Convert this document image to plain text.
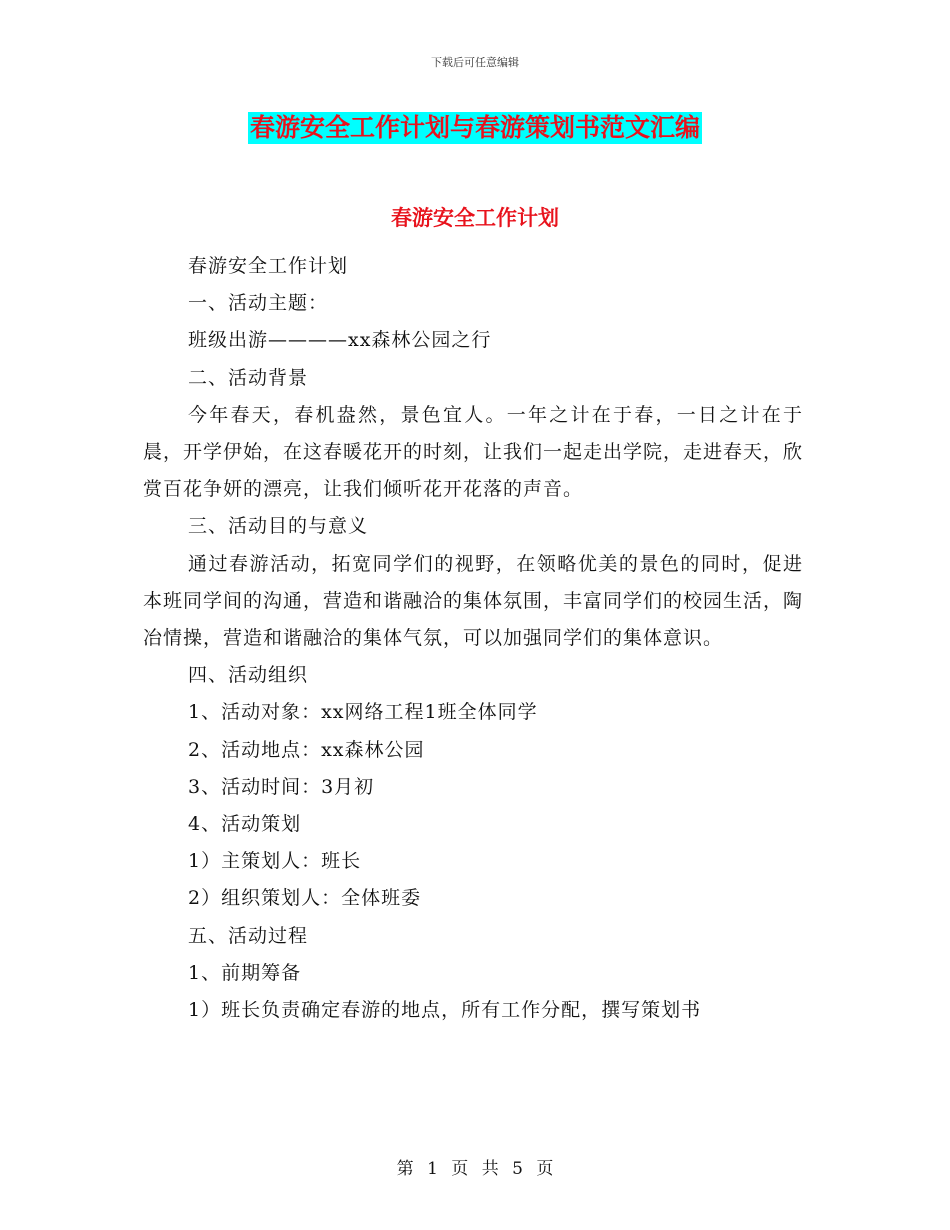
下载后可任意编辑
春游安全工作计划与春游策划书范文汇编
春游安全工作计划

春游安全工作计划

一、活动主题：

班级出游————xx森林公园之行

二、活动背景

今年春天，春机盎然，景色宜人。一年之计在于春，一日之计在于晨，开学伊始，在这春暖花开的时刻，让我们一起走出学院，走进春天，欣赏百花争妍的漂亮，让我们倾听花开花落的声音。

三、活动目的与意义

通过春游活动，拓宽同学们的视野，在领略优美的景色的同时，促进本班同学间的沟通，营造和谐融洽的集体氛围，丰富同学们的校园生活，陶冶情操，营造和谐融洽的集体气氛，可以加强同学们的集体意识。

四、活动组织

1、活动对象：xx网络工程1班全体同学

2、活动地点：xx森林公园

3、活动时间：3月初

4、活动策划

1）主策划人：班长

2）组织策划人：全体班委

五、活动过程

1、前期筹备

1）班长负责确定春游的地点，所有工作分配，撰写策划书

第 1 页 共 5 页
